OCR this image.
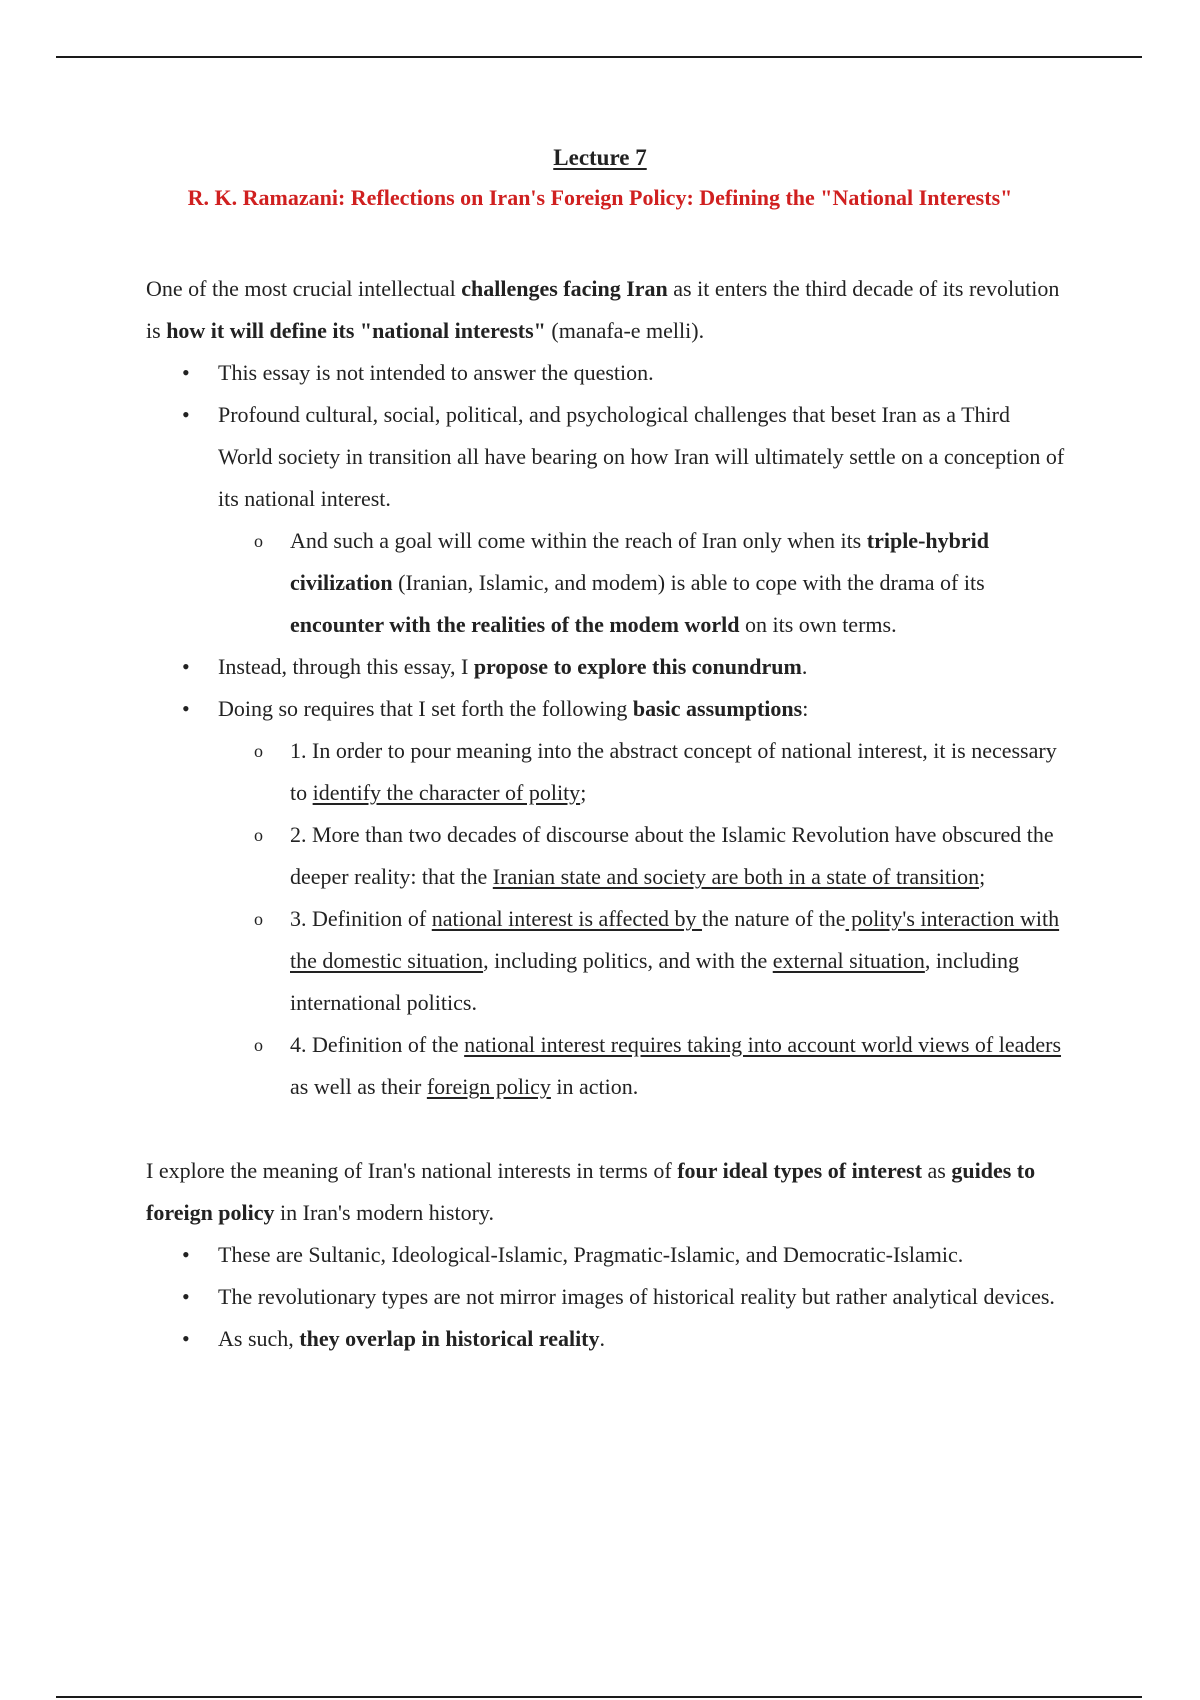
Lecture 7
R. K. Ramazani: Reflections on Iran's Foreign Policy: Defining the "National Interests"

One of the most crucial intellectual challenges facing Iran as it enters the third decade of its revolution is how it will define its "national interests" (manafa-e melli).

• This essay is not intended to answer the question.
• Profound cultural, social, political, and psychological challenges that beset Iran as a Third World society in transition all have bearing on how Iran will ultimately settle on a conception of its national interest.
o And such a goal will come within the reach of Iran only when its triple-hybrid civilization (Iranian, Islamic, and modem) is able to cope with the drama of its encounter with the realities of the modem world on its own terms.
• Instead, through this essay, I propose to explore this conundrum.
• Doing so requires that I set forth the following basic assumptions:
o 1. In order to pour meaning into the abstract concept of national interest, it is necessary to identify the character of polity;
o 2. More than two decades of discourse about the Islamic Revolution have obscured the deeper reality: that the Iranian state and society are both in a state of transition;
o 3. Definition of national interest is affected by the nature of the polity's interaction with the domestic situation, including politics, and with the external situation, including international politics.
o 4. Definition of the national interest requires taking into account world views of leaders as well as their foreign policy in action.

I explore the meaning of Iran's national interests in terms of four ideal types of interest as guides to foreign policy in Iran's modern history.

• These are Sultanic, Ideological-Islamic, Pragmatic-Islamic, and Democratic-Islamic.
• The revolutionary types are not mirror images of historical reality but rather analytical devices.
• As such, they overlap in historical reality.
